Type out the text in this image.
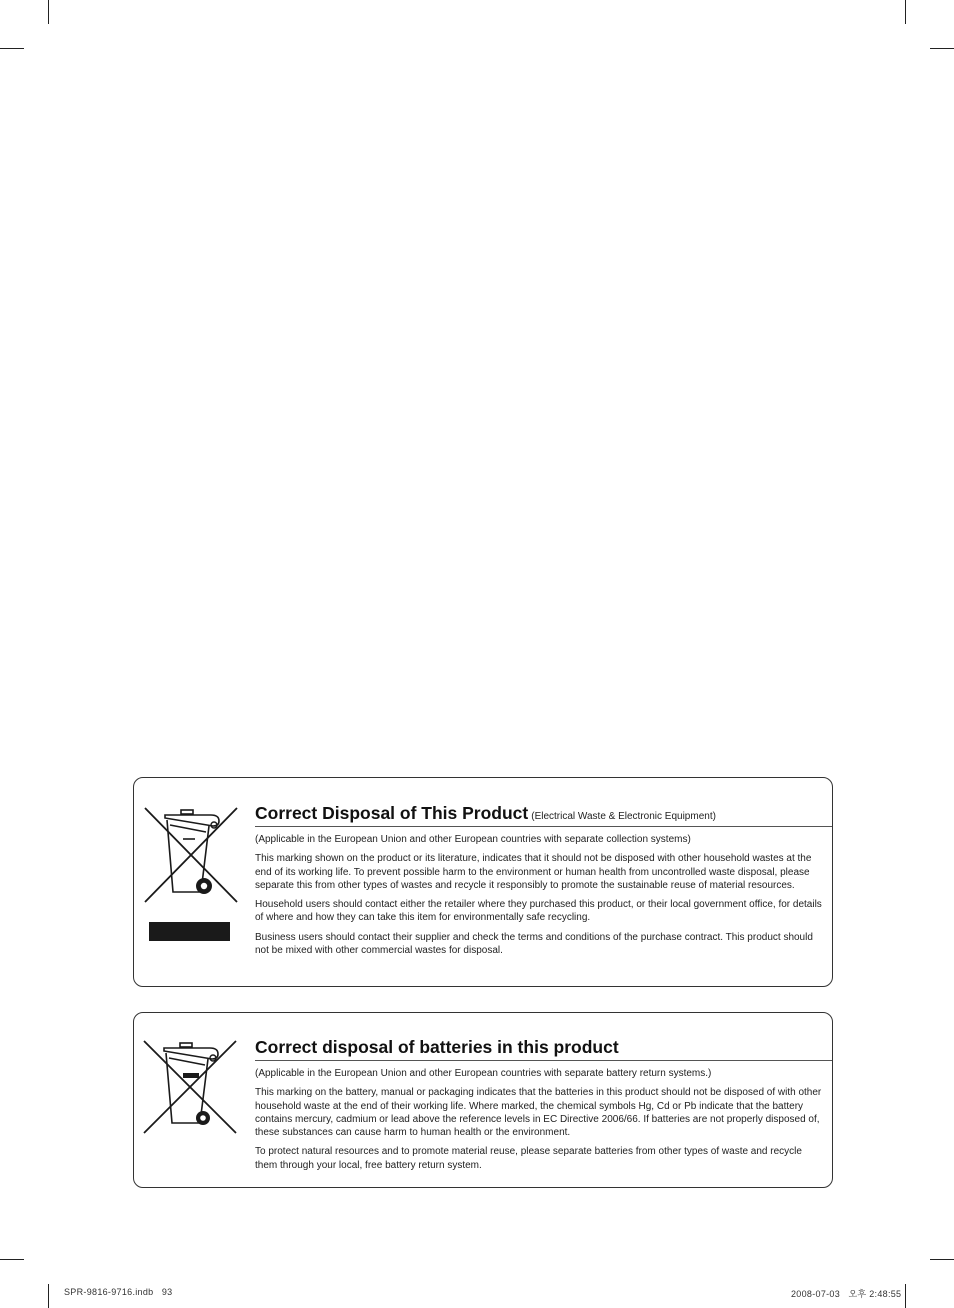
Correct Disposal of This Product (Electrical Waste & Electronic Equipment)

(Applicable in the European Union and other European countries with separate collection systems)

This marking shown on the product or its literature, indicates that it should not be disposed with other household wastes at the end of its working life. To prevent possible harm to the environment or human health from uncontrolled waste disposal, please separate this from other types of wastes and recycle it responsibly to promote the sustainable reuse of material resources.

Household users should contact either the retailer where they purchased this product, or their local government office, for details of where and how they can take this item for environmentally safe recycling.

Business users should contact their supplier and check the terms and conditions of the purchase contract. This product should not be mixed with other commercial wastes for disposal.

Correct disposal of batteries in this product

(Applicable in the European Union and other European countries with separate battery return systems.)

This marking on the battery, manual or packaging indicates that the batteries in this product should not be disposed of with other household waste at the end of their working life. Where marked, the chemical symbols Hg, Cd or Pb indicate that the battery contains mercury, cadmium or lead above the reference levels in EC Directive 2006/66. If batteries are not properly disposed of, these substances can cause harm to human health or the environment.

To protect natural resources and to promote material reuse, please separate batteries from other types of waste and recycle them through your local, free battery return system.

SPR-9816-9716.indb   93	2008-07-03   오후 2:48:55
